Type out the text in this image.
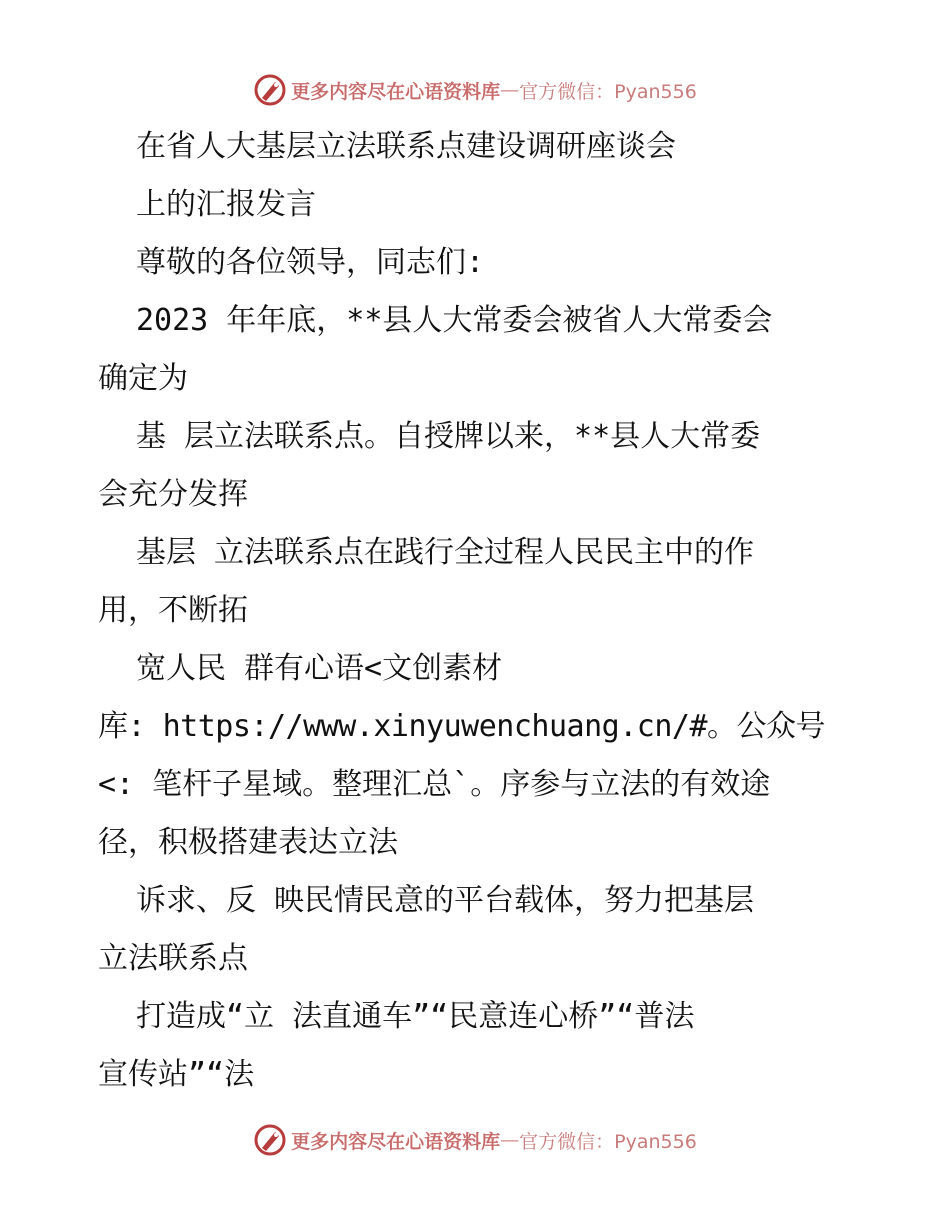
更多内容尽在心语资料库 — 官方微信：Pyan556
在省人大基层立法联系点建设调研座谈会
上的汇报发言
尊敬的各位领导，同志们:
2023 年年底，**县人大常委会被省人大常委会
确定为
基 层立法联系点。自授牌以来，**县人大常委
会充分发挥
基层 立法联系点在践行全过程人民民主中的作
用，不断拓
宽人民 群有心语<文创素材
库: https://www.xinyuwenchuang.cn/#。公众号
<: 笔杆子星域。整理汇总`。序参与立法的有效途
径，积极搭建表达立法
诉求、反 映民情民意的平台载体，努力把基层
立法联系点
打造成“立 法直通车”“民意连心桥”“普法
宣传站”“法
更多内容尽在心语资料库 — 官方微信：Pyan556
